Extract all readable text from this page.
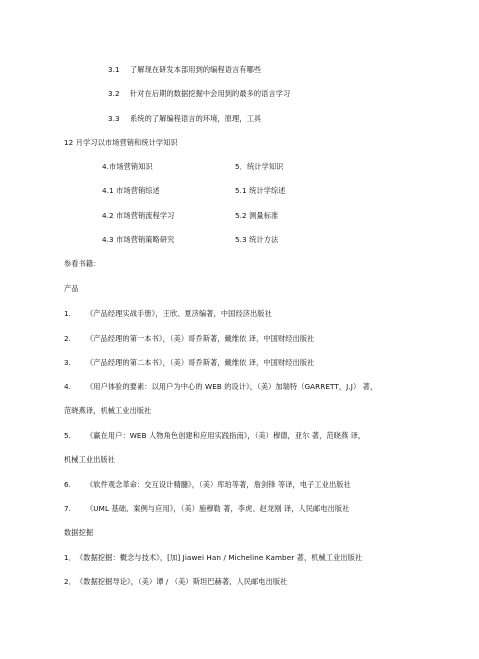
3.1 了解现在研发本部用到的编程语言有哪些
3.2 针对在后期的数据挖掘中会用到的最多的语言学习
3.3 系统的了解编程语言的环境，原理，工具
12 月学习以市场营销和统计学知识
4.市场营销知识	5．统计学知识
4.1 市场营销综述	5.1 统计学综述
4.2 市场营销流程学习	5.2 测量标准
4.3 市场营销策略研究	5.3 统计方法
参看书籍：
产品
1. 《产品经理实战手册》，王欣、夏济编著，中国经济出版社
2. 《产品经理的第一本书》，（美）哥乔斯著，戴维依 译，中国财经出版社
3. 《产品经理的第二本书》，（美）哥乔斯著，戴维依 译，中国财经出版社
4. 《用户体验的要素：以用户为中心的 WEB 的设计》，（美）加瑞特（GARRETT，J.J） 著，
范晓燕译，机械工业出版社
5. 《赢在用户：WEB 人物角色创建和应用实践指南》，（美）穆德，亚尔 著，范晓燕 译，
机械工业出版社
6. 《软件观念革命：交互设计精髓》，（美）库珀等著，詹剑锋 等译，电子工业出版社
7. 《UML 基础、案例与应用》，（美）施穆勒 著，李虎、赵龙刚 译，人民邮电出版社
数据挖掘
1．《数据挖掘：概念与技术》，[加] Jiawei Han / Micheline Kamber 著，机械工业出版社
2．《数据挖掘导论》，（美）谭 / （美）斯坦巴赫著，人民邮电出版社
